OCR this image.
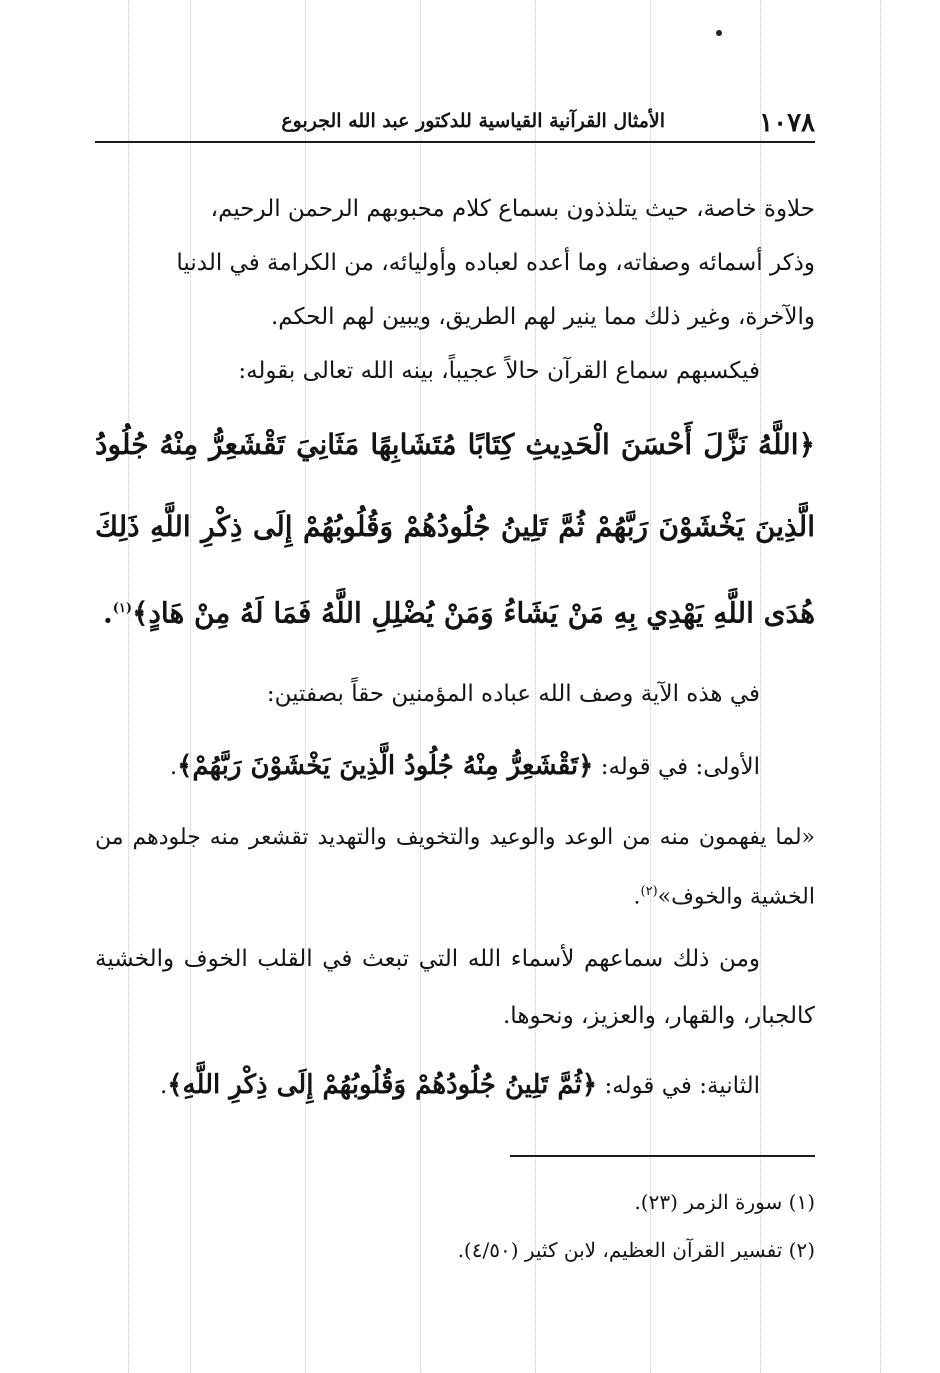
١٠٧٨
الأمثال القرآنية القياسية للدكتور عبد الله الجربوع
حلاوة خاصة، حيث يتلذذون بسماع كلام محبوبهم الرحمن الرحيم،
وذكر أسمائه وصفاته، وما أعده لعباده وأوليائه، من الكرامة في الدنيا
والآخرة، وغير ذلك مما ينير لهم الطريق، ويبين لهم الحكم.
فيكسبهم سماع القرآن حالاً عجيباً، بينه الله تعالى بقوله:
﴿اللَّهُ نَزَّلَ أَحْسَنَ الْحَدِيثِ كِتَابًا مُتَشَابِهًا مَثَانِيَ تَقْشَعِرُّ مِنْهُ جُلُودُ الَّذِينَ يَخْشَوْنَ رَبَّهُمْ ثُمَّ تَلِينُ جُلُودُهُمْ وَقُلُوبُهُمْ إِلَى ذِكْرِ اللَّهِ ذَلِكَ هُدَى اللَّهِ يَهْدِي بِهِ مَنْ يَشَاءُ وَمَنْ يُضْلِلِ اللَّهُ فَمَا لَهُ مِنْ هَادٍ﴾$^{(١)}$.
في هذه الآية وصف الله عباده المؤمنين حقاً بصفتين:
الأولى: في قوله: ﴿تَقْشَعِرُّ مِنْهُ جُلُودُ الَّذِينَ يَخْشَوْنَ رَبَّهُمْ﴾.
«لما يفهمون منه من الوعد والوعيد والتخويف والتهديد تقشعر منه جلودهم من الخشية والخوف»$^{(٢)}$.
ومن ذلك سماعهم لأسماء الله التي تبعث في القلب الخوف والخشية كالجبار، والقهار، والعزيز، ونحوها.
الثانية: في قوله: ﴿ثُمَّ تَلِينُ جُلُودُهُمْ وَقُلُوبُهُمْ إِلَى ذِكْرِ اللَّهِ﴾.
(١) سورة الزمر (٢٣).
(٢) تفسير القرآن العظيم، لابن كثير (٤/٥٠).
